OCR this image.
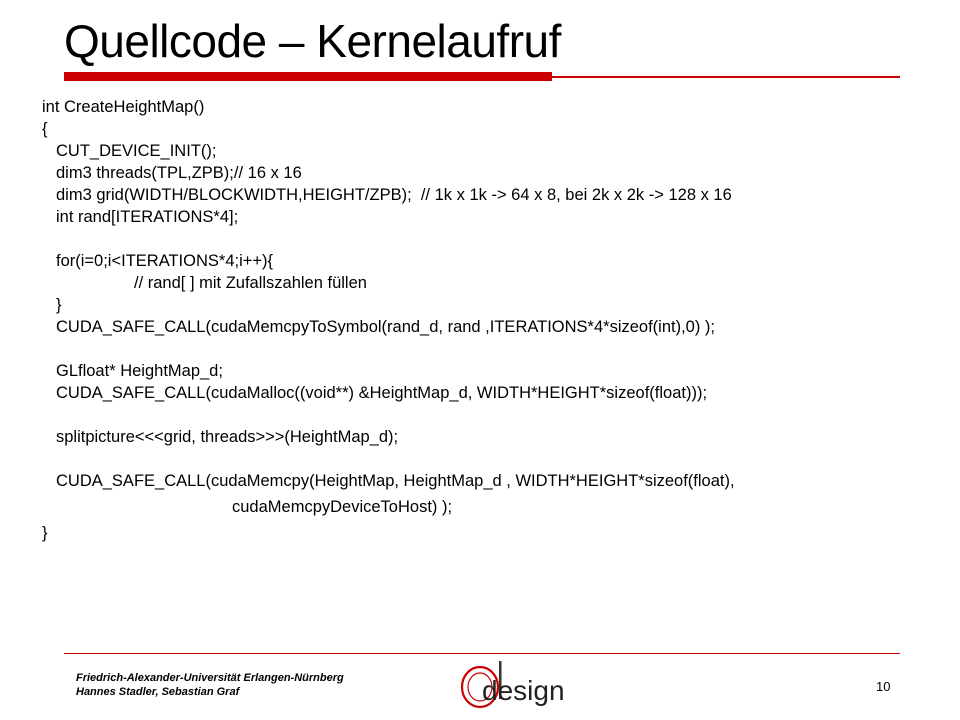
Quellcode – Kernelaufruf
int CreateHeightMap()
{
CUT_DEVICE_INIT();
dim3 threads(TPL,ZPB);// 16 x 16
dim3 grid(WIDTH/BLOCKWIDTH,HEIGHT/ZPB);  // 1k x 1k -> 64 x 8, bei 2k x 2k -> 128 x 16
int rand[ITERATIONS*4];
for(i=0;i<ITERATIONS*4;i++){
// rand[ ] mit Zufallszahlen füllen
}
CUDA_SAFE_CALL(cudaMemcpyToSymbol(rand_d, rand ,ITERATIONS*4*sizeof(int),0) );
GLfloat* HeightMap_d;
CUDA_SAFE_CALL(cudaMalloc((void**) &HeightMap_d, WIDTH*HEIGHT*sizeof(float)));
splitpicture<<<grid, threads>>>(HeightMap_d);
CUDA_SAFE_CALL(cudaMemcpy(HeightMap, HeightMap_d , WIDTH*HEIGHT*sizeof(float),
cudaMemcpyDeviceToHost) );
}
Friedrich-Alexander-Universität Erlangen-Nürnberg
Hannes Stadler, Sebastian Graf	design	10
